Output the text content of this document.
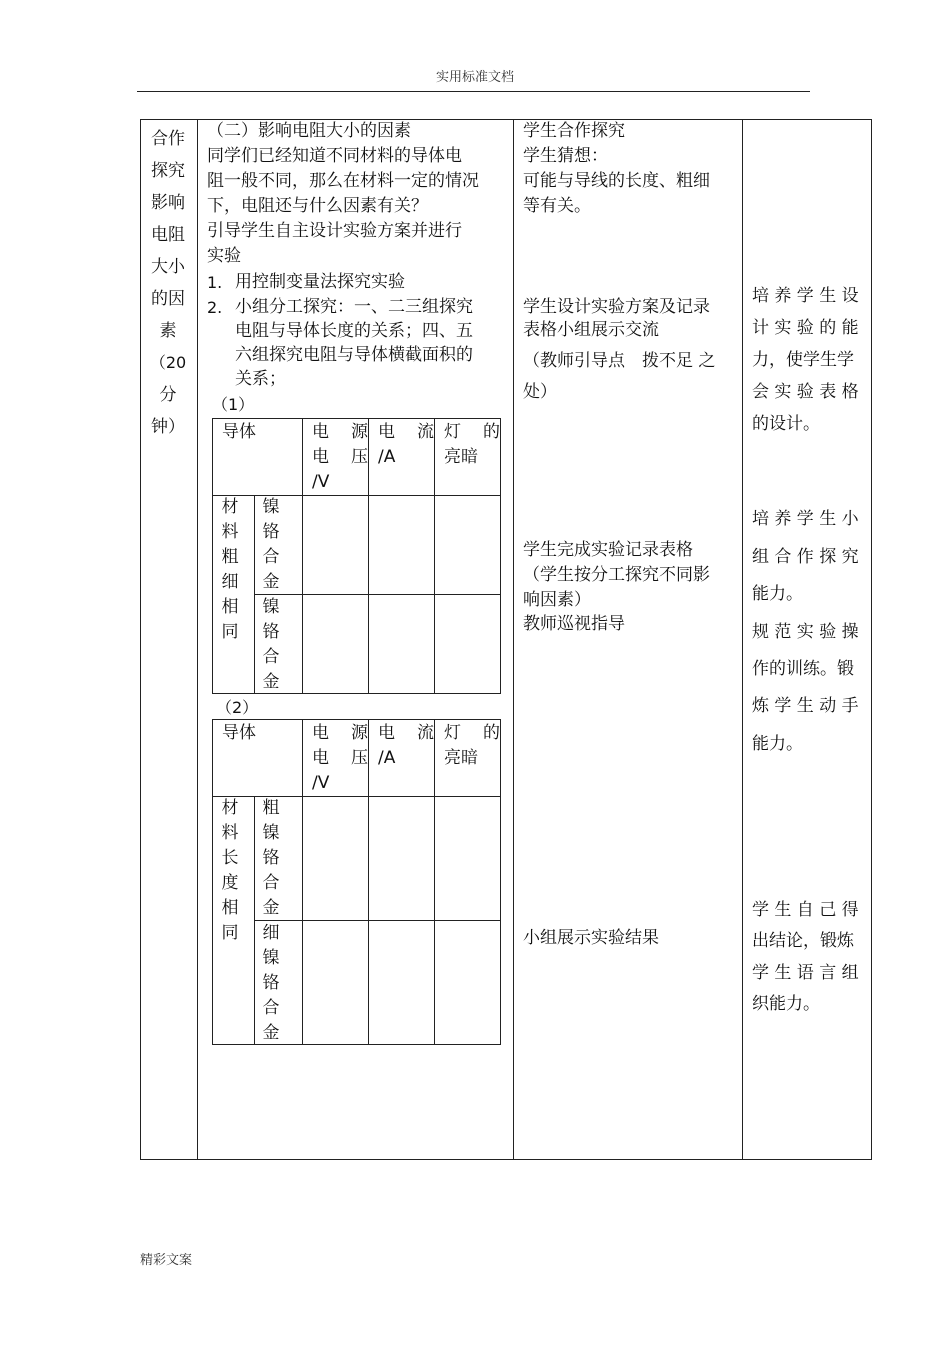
实用标准文档
精彩文案
合作
探究
影响
电阻
大小
的因
素
（20
分
钟）
（二）影响电阻大小的因素
同学们已经知道不同材料的导体电
阻一般不同，那么在材料一定的情况
下，电阻还与什么因素有关？
引导学生自主设计实验方案并进行
实验
1. 用控制变量法探究实验
2. 小组分工探究：一、二三组探究
电阻与导体长度的关系；四、五
六组探究电阻与导体横截面积的
关系；
（1）
导体	电 源
电 压
/V
电 流
/A
灯 的
亮暗
材料粗细相同
镍铬合金
镍铬合金
（2）
导体	电 源
电 压
/V
电 流
/A
灯 的
亮暗
材料长度相同
粗镍铬合金
细镍铬合金
学生合作探究
学生猜想：
可能与导线的长度、粗细
等有关。
学生设计实验方案及记录
表格小组展示交流
（教师引导点　拨不足 之
处）
学生完成实验记录表格
（学生按分工探究不同影
响因素）
教师巡视指导
小组展示实验结果
培 养 学 生 设
计 实 验 的 能
力，使学生学
会 实 验 表 格
的设计。
培 养 学 生 小
组 合 作 探 究
能力。
规 范 实 验 操
作的训练。锻
炼 学 生 动 手
能力。
学 生 自 己 得
出结论，锻炼
学 生 语 言 组
织能力。
